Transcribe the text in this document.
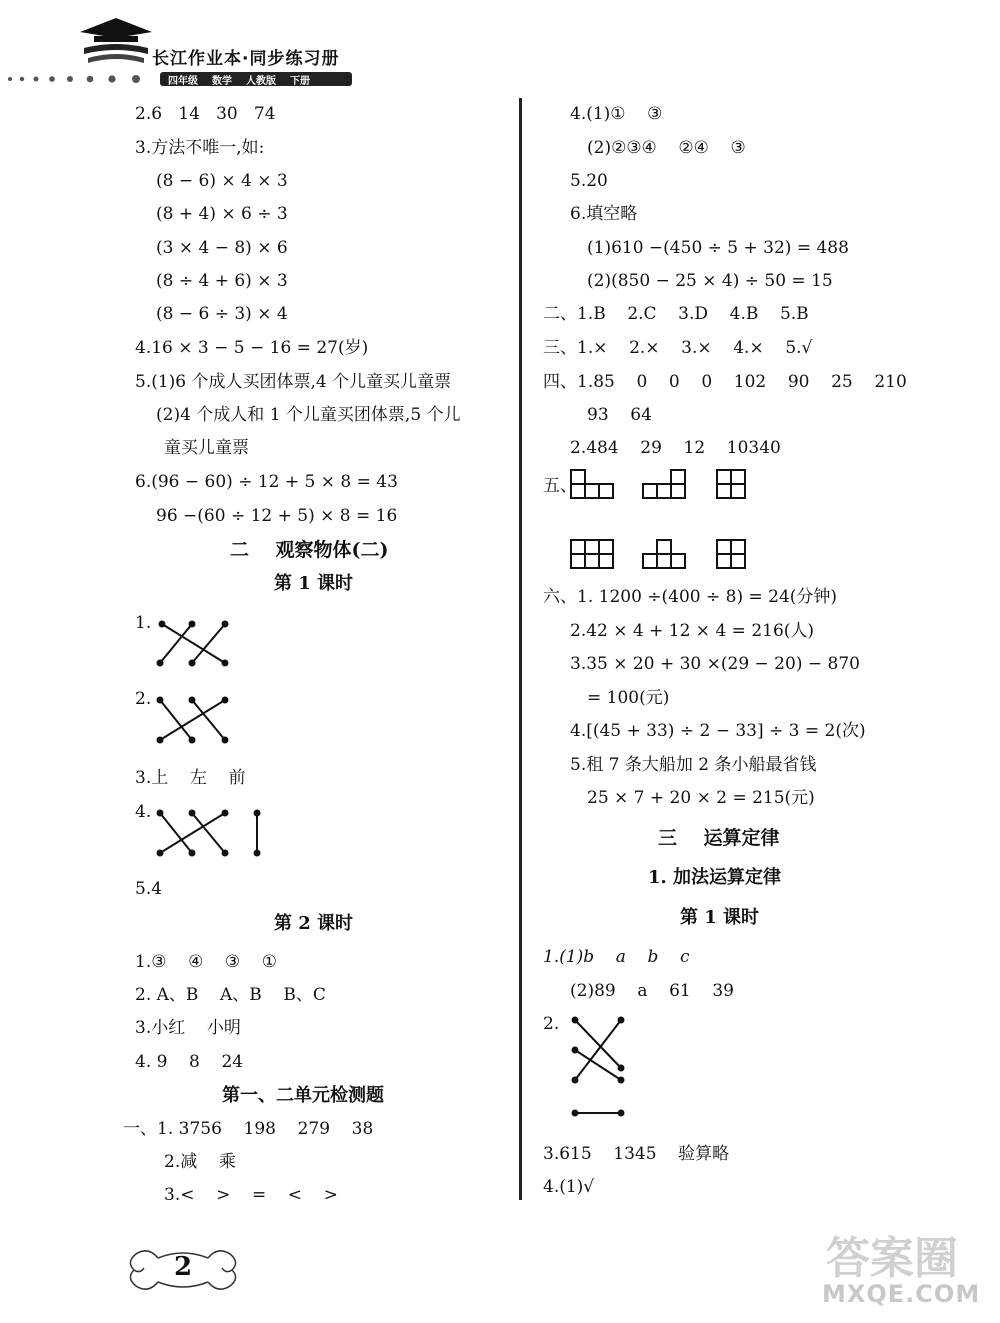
长江作业本·同步练习册
四年级 数学 人教版 下册
2.6   14   30   74
3.方法不唯一,如:
(8 − 6) × 4 × 3
(8 + 4) × 6 ÷ 3
(3 × 4 − 8) × 6
(8 ÷ 4 + 6) × 3
(8 − 6 ÷ 3) × 4
4.16 × 3 − 5 − 16 = 27(岁)
5.(1)6 个成人买团体票,4 个儿童买儿童票
(2)4 个成人和 1 个儿童买团体票,5 个儿
童买儿童票
6.(96 − 60) ÷ 12 + 5 × 8 = 43
96 −(60 ÷ 12 + 5) × 8 = 16
二    观察物体(二)
第 1 课时
1.
2.
3.上    左    前
4.
5.4
第 2 课时
1.③    ④    ③    ①
2. A、B    A、B    B、C
3.小红    小明
4. 9    8    24
第一、二单元检测题
一、1. 3756    198    279    38
2.减    乘
3.<    >    =    <    >
4.(1)①    ③
(2)②③④    ②④    ③
5.20
6.填空略
(1)610 −(450 ÷ 5 + 32) = 488
(2)(850 − 25 × 4) ÷ 50 = 15
二、1.B    2.C    3.D    4.B    5.B
三、1.×    2.×    3.×    4.×    5.√
四、1.85    0    0    0    102    90    25    210
93    64
2.484    29    12    10340
五、
六、1. 1200 ÷(400 ÷ 8) = 24(分钟)
2.42 × 4 + 12 × 4 = 216(人)
3.35 × 20 + 30 ×(29 − 20) − 870
= 100(元)
4.[(45 + 33) ÷ 2 − 33] ÷ 3 = 2(次)
5.租 7 条大船加 2 条小船最省钱
25 × 7 + 20 × 2 = 215(元)
三    运算定律
1. 加法运算定律
第 1 课时
1.(1)b    a    b    c
(2)89    a    61    39
2.
3.615    1345    验算略
4.(1)√
2	答案圈
MXQE.COM
